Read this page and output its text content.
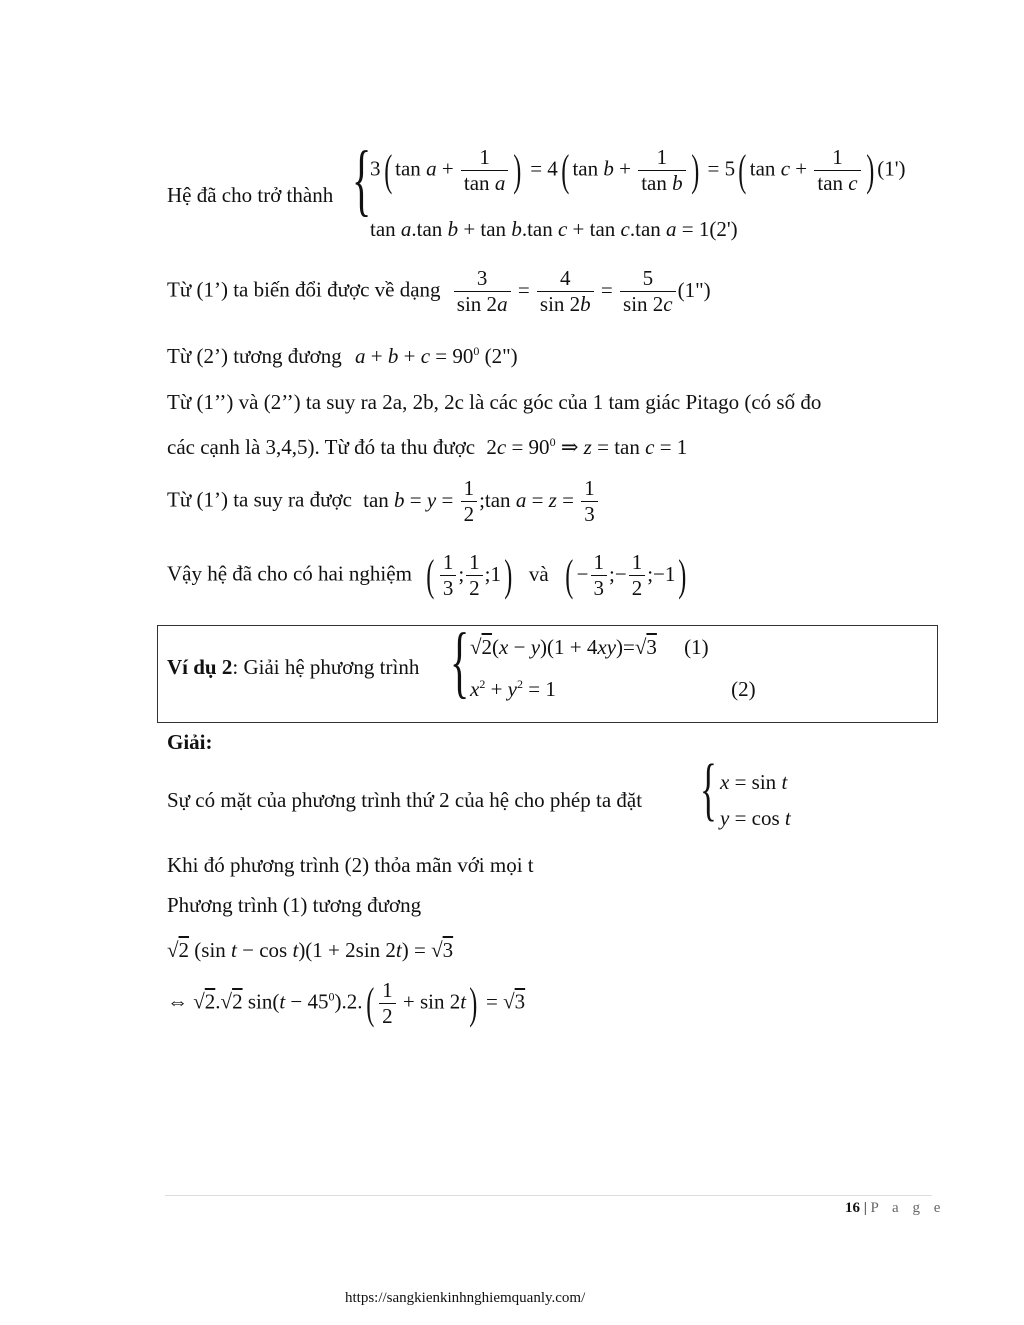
Hệ đã cho trở thành {
3( $\tan a + \frac{1}{\text{tan a}}$ ) = 4( $\tan b + \frac{1}{\text{tan b}}$ ) = 5( $\tan c + \frac{1}{\text{tan c}}$ ) (1')
tan a.tan b + tan b.tan c + tan c.tan a = 1(2')
Từ (1’) ta biến đổi được về dạng $\frac{3}{\sin 2a} = \frac{4}{\sin 2b} = \frac{5}{\sin 2c}$ (1")
Từ (2’) tương đương $a + b + c = 90^0$ (2")
Từ (1’’) và (2’’) ta suy ra 2a, 2b, 2c là các góc của 1 tam giác Pitago (có số đo
các cạnh là 3,4,5). Từ đó ta thu được $2c = 90^0$ ⇒ z = tan c = 1
Từ (1’) ta suy ra được $\tan b = y = \frac{1}{2}$ ;tan $a = z = \frac{1}{3}$
Vậy hệ đã cho có hai nghiệm ( $\frac{1}{3}$ ; $\frac{1}{2}$ ;1) và ( − $\frac{1}{3}$ ;− $\frac{1}{2}$ ;−1)
Ví dụ 2: Giải hệ phương trình { √2(x − y)(1 + 4xy)=√3 (1)
$x^2 + y^2 = 1$	(2)
Giải:
Sự có mặt của phương trình thứ 2 của hệ cho phép ta đặt { x = sin t
y = cos t
Khi đó phương trình (2) thỏa mãn với mọi t
Phương trình (1) tương đương
√2 (sin t − cos t)(1 + 2sin 2t) = √3
⇔ √2.√2 $\sin(t - 45^0).2.( \frac{1}{2} + \sin 2t) = √3$
16 | P a g e
https://sangkienkinhnghiemquanly.com/
